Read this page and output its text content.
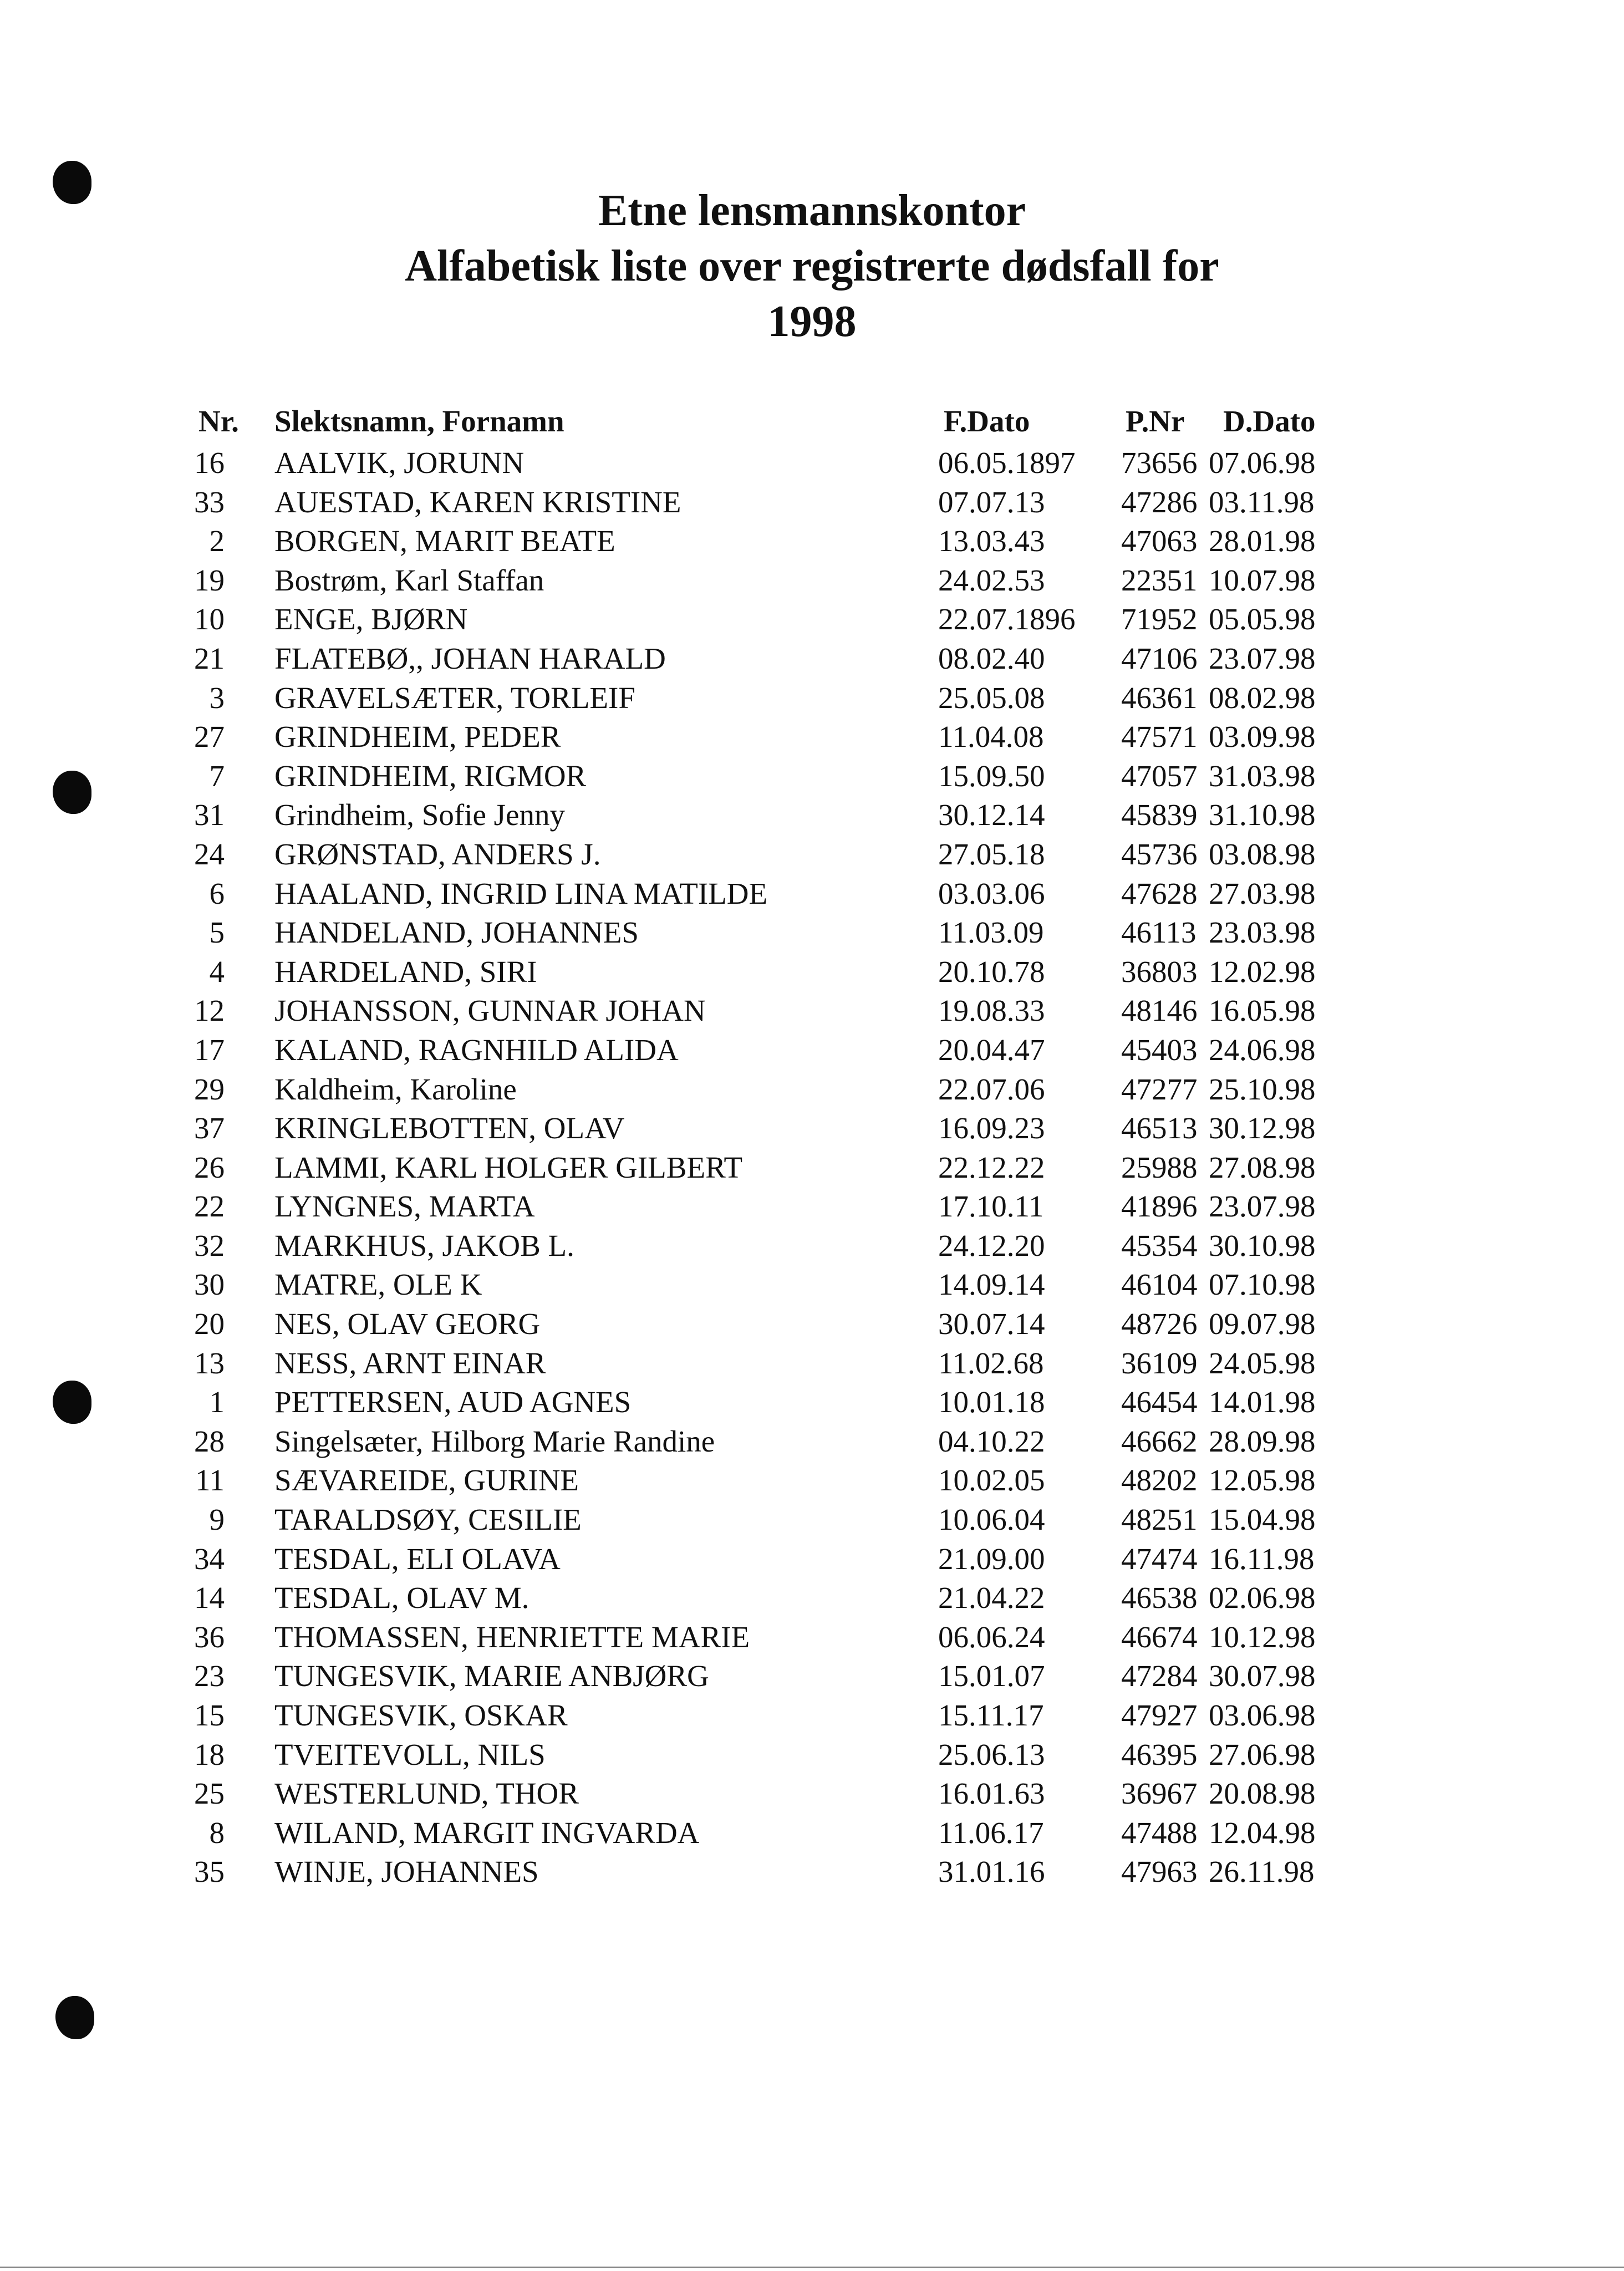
Etne lensmannskontor
Alfabetisk liste over registrerte dødsfall for
1998
Nr. Slektsnamn, Fornamn	F.Dato	P.Nr D.Dato
16 AALVIK, JORUNN	06.05.1897 73656 07.06.98
33 AUESTAD, KAREN KRISTINE	07.07.13	47286 03.11.98
2 BORGEN, MARIT BEATE	13.03.43	47063 28.01.98
19 Bostrøm, Karl Staffan	24.02.53	22351 10.07.98
10 ENGE, BJØRN	22.07.1896 71952 05.05.98
21 FLATEBØ,, JOHAN HARALD	08.02.40	47106 23.07.98
3 GRAVELSÆTER, TORLEIF	25.05.08	46361 08.02.98
27 GRINDHEIM, PEDER	11.04.08	47571 03.09.98
7 GRINDHEIM, RIGMOR	15.09.50	47057 31.03.98
31 Grindheim, Sofie Jenny	30.12.14	45839 31.10.98
24 GRØNSTAD, ANDERS J.	27.05.18	45736 03.08.98
6 HAALAND, INGRID LINA MATILDE	03.03.06	47628 27.03.98
5 HANDELAND, JOHANNES	11.03.09	46113 23.03.98
4 HARDELAND, SIRI	20.10.78	36803 12.02.98
12 JOHANSSON, GUNNAR JOHAN	19.08.33	48146 16.05.98
17 KALAND, RAGNHILD ALIDA	20.04.47	45403 24.06.98
29 Kaldheim, Karoline	22.07.06	47277 25.10.98
37 KRINGLEBOTTEN, OLAV	16.09.23	46513 30.12.98
26 LAMMI, KARL HOLGER GILBERT	22.12.22	25988 27.08.98
22 LYNGNES, MARTA	17.10.11	41896 23.07.98
32 MARKHUS, JAKOB L.	24.12.20	45354 30.10.98
30 MATRE, OLE K	14.09.14	46104 07.10.98
20 NES, OLAV GEORG	30.07.14	48726 09.07.98
13 NESS, ARNT EINAR	11.02.68	36109 24.05.98
1 PETTERSEN, AUD AGNES	10.01.18	46454 14.01.98
28 Singelsæter, Hilborg Marie Randine	04.10.22	46662 28.09.98
11 SÆVAREIDE, GURINE	10.02.05	48202 12.05.98
9 TARALDSØY, CESILIE	10.06.04	48251 15.04.98
34 TESDAL, ELI OLAVA	21.09.00	47474 16.11.98
14 TESDAL, OLAV M.	21.04.22	46538 02.06.98
36 THOMASSEN, HENRIETTE MARIE	06.06.24	46674 10.12.98
23 TUNGESVIK, MARIE ANBJØRG	15.01.07	47284 30.07.98
15 TUNGESVIK, OSKAR	15.11.17	47927 03.06.98
18 TVEITEVOLL, NILS	25.06.13	46395 27.06.98
25 WESTERLUND, THOR	16.01.63	36967 20.08.98
8 WILAND, MARGIT INGVARDA	11.06.17	47488 12.04.98
35 WINJE, JOHANNES	31.01.16	47963 26.11.98
